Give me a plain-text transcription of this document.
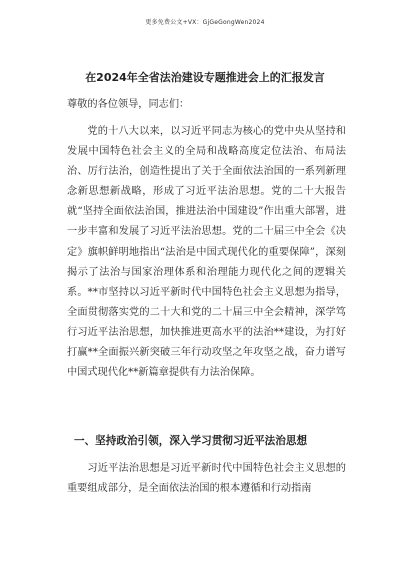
更多免费公文+VX：GjGeGongWen2024
在2024年全省法治建设专题推进会上的汇报发言
尊敬的各位领导，同志们：

党的十八大以来，以习近平同志为核心的党中央从坚持和发展中国特色社会主义的全局和战略高度定位法治、布局法治、厉行法治，创造性提出了关于全面依法治国的一系列新理念新思想新战略，形成了习近平法治思想。党的二十大报告就“坚持全面依法治国，推进法治中国建设”作出重大部署，进一步丰富和发展了习近平法治思想。党的二十届三中全会《决定》旗帜鲜明地指出“法治是中国式现代化的重要保障”，深刻揭示了法治与国家治理体系和治理能力现代化之间的逻辑关系。**市坚持以习近平新时代中国特色社会主义思想为指导，全面贯彻落实党的二十大和党的二十届三中全会精神，深学笃行习近平法治思想，加快推进更高水平的法治**建设，为打好打赢**全面振兴新突破三年行动攻坚之年攻坚之战，奋力谱写中国式现代化**新篇章提供有力法治保障。

一、坚持政治引领，深入学习贯彻习近平法治思想

习近平法治思想是习近平新时代中国特色社会主义思想的重要组成部分，是全面依法治国的根本遵循和行动指南
